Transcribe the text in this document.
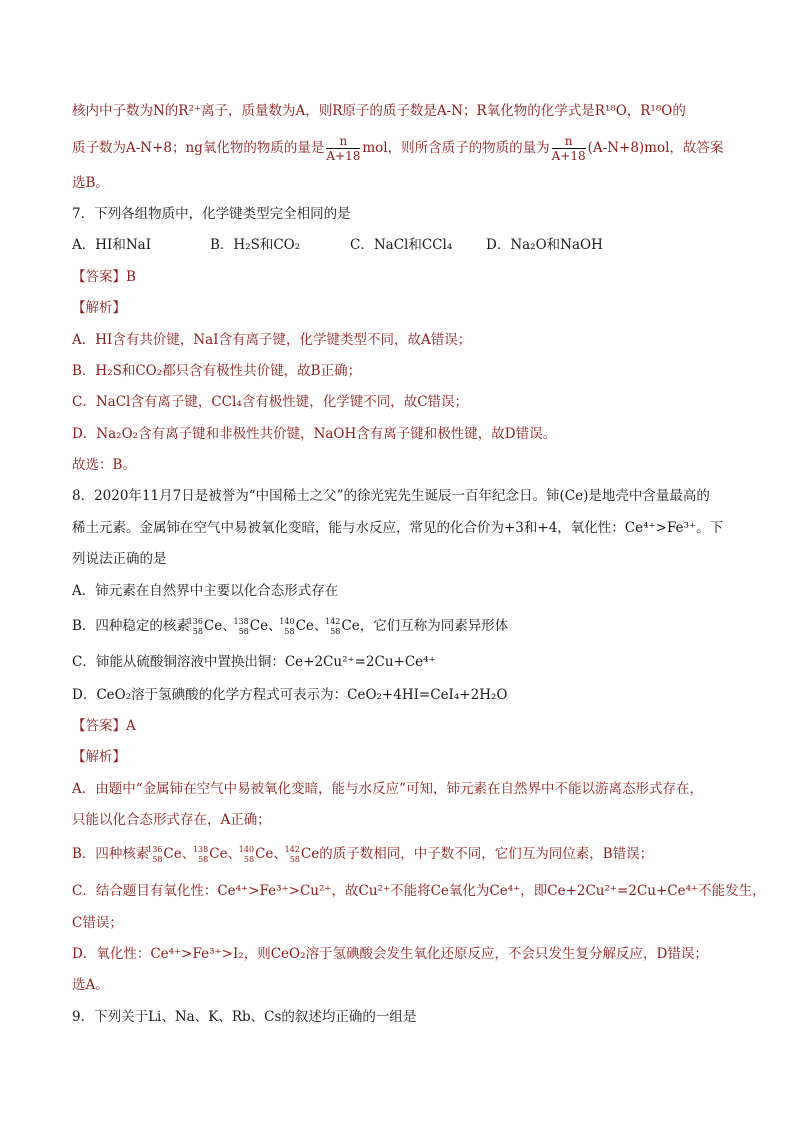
核内中子数为N的R²⁺离子，质量数为A，则R原子的质子数是A-N；R氧化物的化学式是R¹⁸O，R¹⁸O的
质子数为A-N+8；ng氧化物的物质的量是 $\frac{n}{A+18}$ mol，则所含质子的物质的量为 $\frac{n}{A+18} (A-N+8)mol$，故答案
选B。
7．下列各组物质中，化学键类型完全相同的是
A．HI和NaI	B．H₂S和CO₂	C．NaCl和CCl₄	D．Na₂O和NaOH
【答案】B
【解析】
A．HI含有共价键，NaI含有离子键，化学键类型不同，故A错误；
B．H₂S和CO₂都只含有极性共价键，故B正确；
C．NaCl含有离子键，CCl₄含有极性键，化学键不同，故C错误；
D．Na₂O₂含有离子键和非极性共价键，NaOH含有离子键和极性键，故D错误。
故选：B。
8．2020年11月7日是被誉为“中国稀土之父”的徐光宪先生诞辰一百年纪念日。铈(Ce)是地壳中含量最高的
稀土元素。金属铈在空气中易被氧化变暗，能与水反应，常见的化合价为+3和+4，氧化性：Ce⁴⁺>Fe³⁺。下
列说法正确的是
A．铈元素在自然界中主要以化合态形式存在
B．四种稳定的核素
136
58 Ce、
138
58 Ce、
140
58 Ce、
142
58 Ce，它们互称为同素异形体
C．铈能从硫酸铜溶液中置换出铜：Ce+2Cu²⁺=2Cu+Ce⁴⁺
D．CeO₂溶于氢碘酸的化学方程式可表示为：CeO₂+4HI=CeI₄+2H₂O
【答案】A
【解析】
A．由题中“金属铈在空气中易被氧化变暗，能与水反应”可知，铈元素在自然界中不能以游离态形式存在，
只能以化合态形式存在，A正确；
B．四种核素
136
58 Ce、
138
58 Ce、
140
58 Ce、
142
58 Ce的质子数相同，中子数不同，它们互为同位素，B错误；
C．结合题目有氧化性：Ce⁴⁺>Fe³⁺>Cu²⁺，故Cu²⁺不能将Ce氧化为Ce⁴⁺，即Ce+2Cu²⁺=2Cu+Ce⁴⁺不能发生，
C错误；
D．氧化性：Ce⁴⁺>Fe³⁺>I₂，则CeO₂溶于氢碘酸会发生氧化还原反应，不会只发生复分解反应，D错误；
选A。
9．下列关于Li、Na、K、Rb、Cs的叙述均正确的一组是
